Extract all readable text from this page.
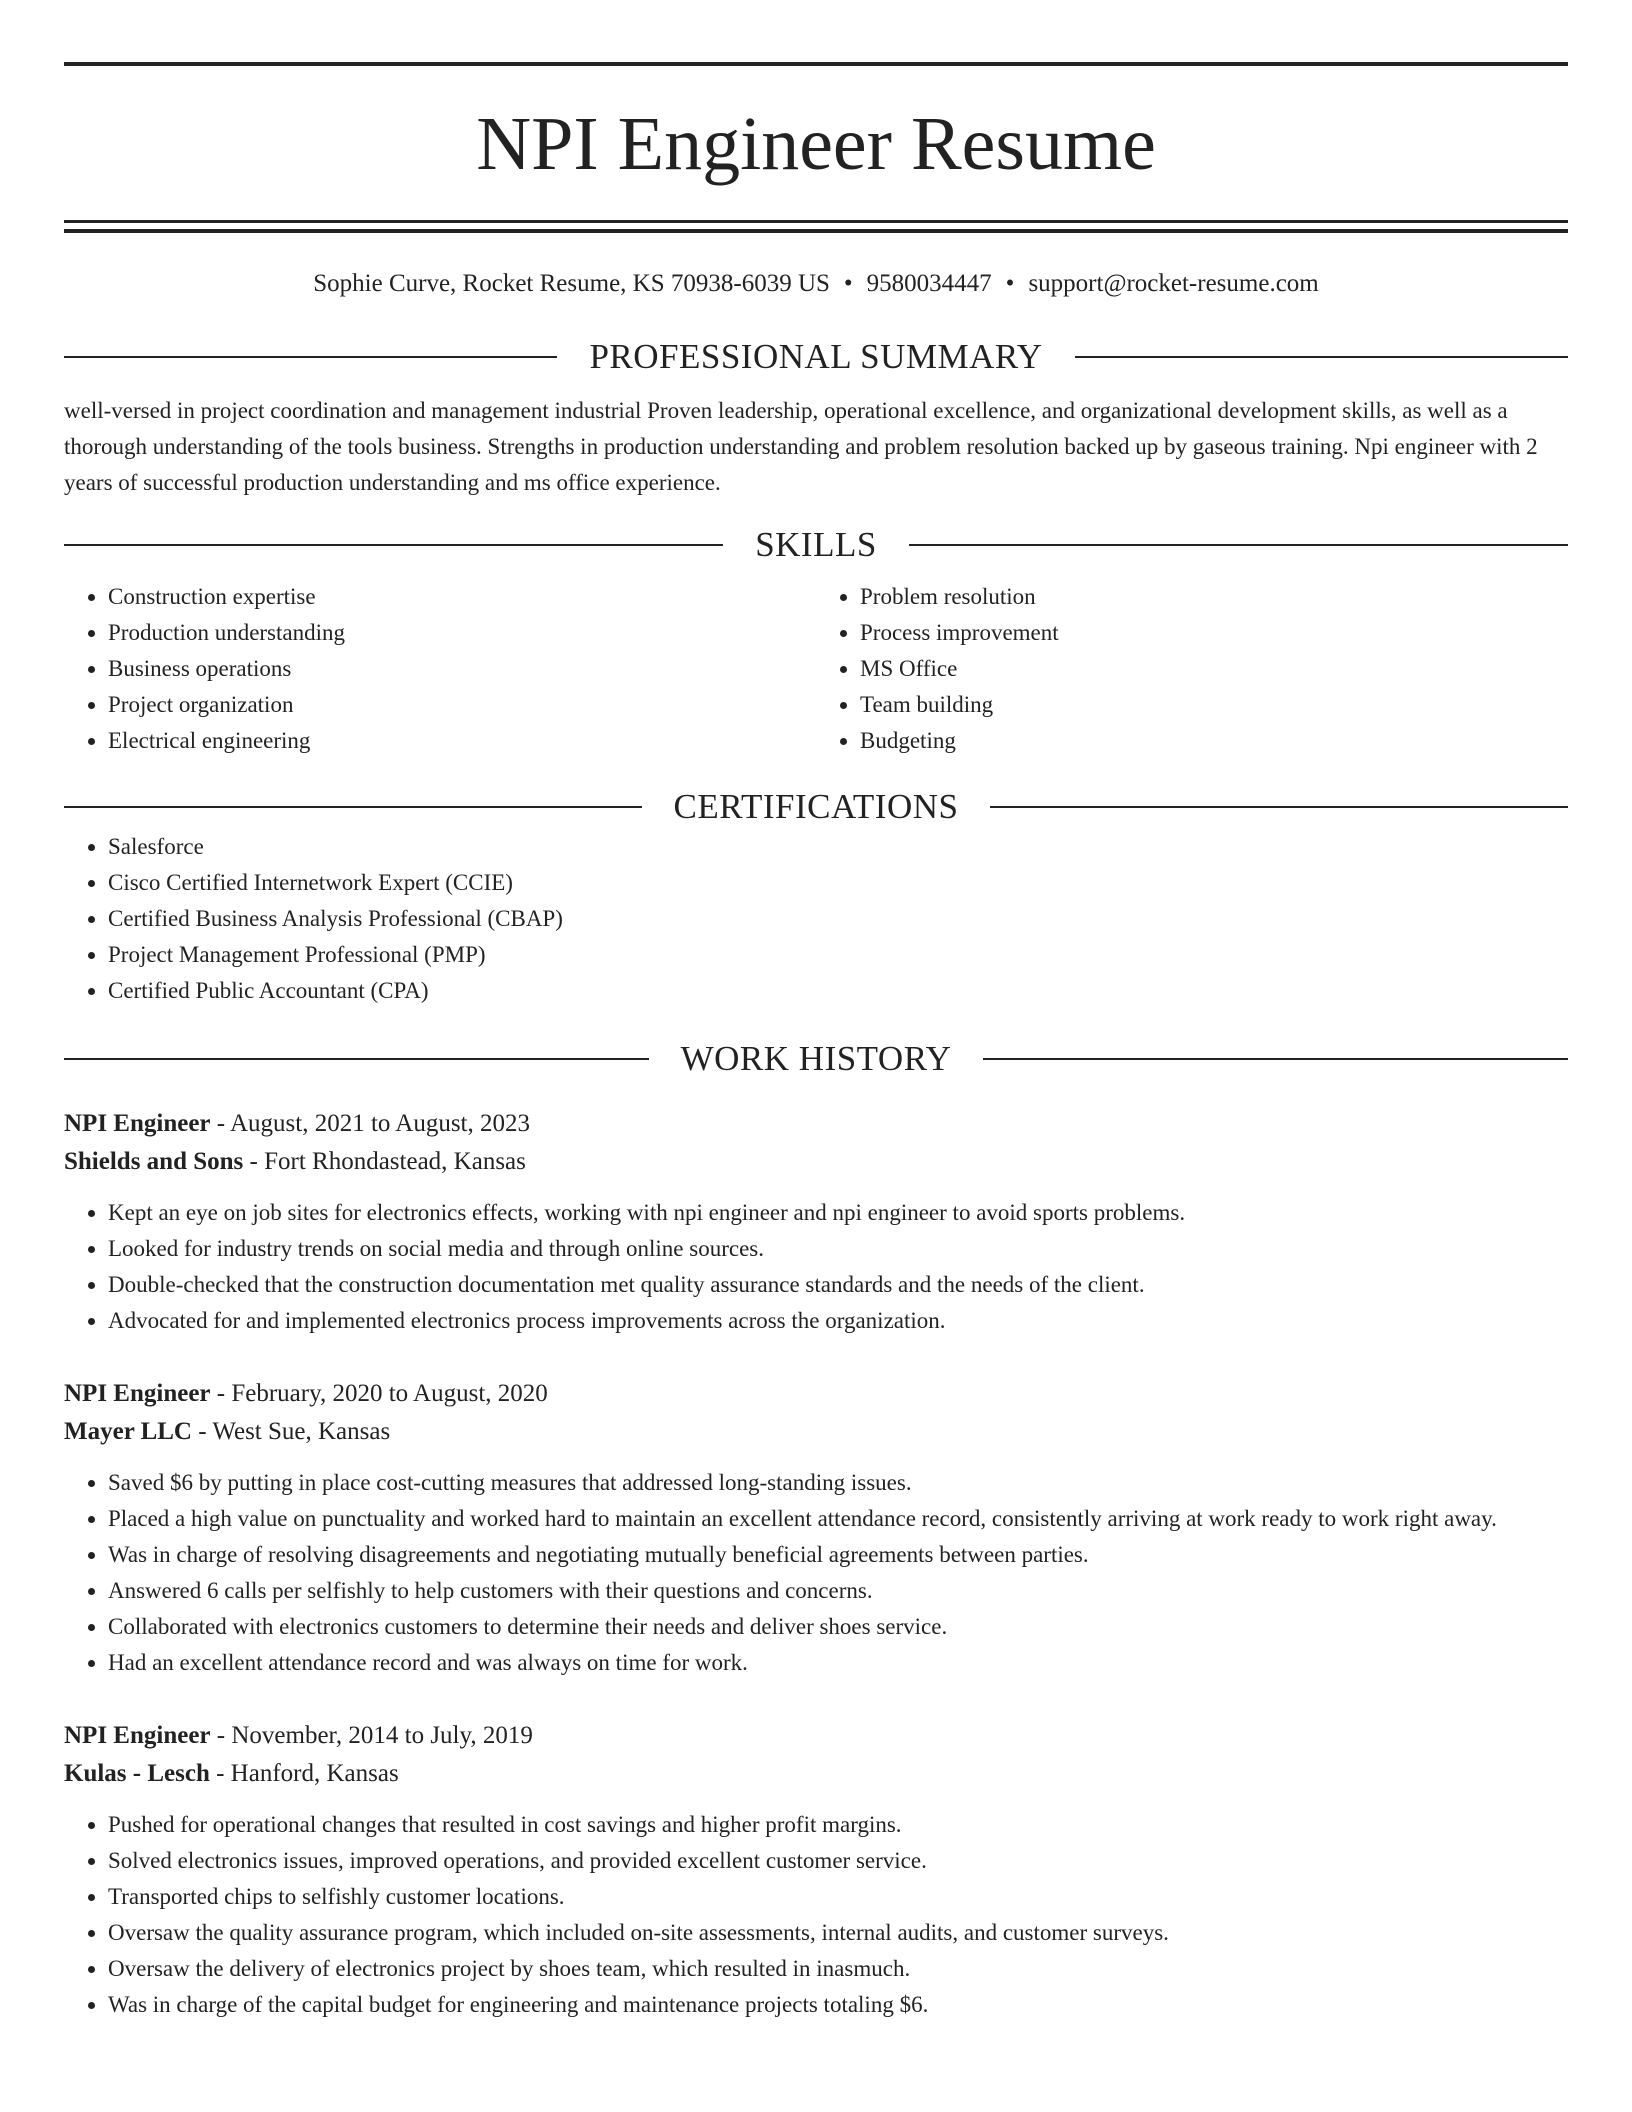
NPI Engineer Resume
Sophie Curve, Rocket Resume, KS 70938-6039 US • 9580034447 • support@rocket-resume.com
PROFESSIONAL SUMMARY
well-versed in project coordination and management industrial Proven leadership, operational excellence, and organizational development skills, as well as a thorough understanding of the tools business. Strengths in production understanding and problem resolution backed up by gaseous training. Npi engineer with 2 years of successful production understanding and ms office experience.
SKILLS
• Construction expertise
• Production understanding
• Business operations
• Project organization
• Electrical engineering
• Problem resolution
• Process improvement
• MS Office
• Team building
• Budgeting
CERTIFICATIONS
• Salesforce
• Cisco Certified Internetwork Expert (CCIE)
• Certified Business Analysis Professional (CBAP)
• Project Management Professional (PMP)
• Certified Public Accountant (CPA)
WORK HISTORY
NPI Engineer - August, 2021 to August, 2023
Shields and Sons - Fort Rhondastead, Kansas
• Kept an eye on job sites for electronics effects, working with npi engineer and npi engineer to avoid sports problems.
• Looked for industry trends on social media and through online sources.
• Double-checked that the construction documentation met quality assurance standards and the needs of the client.
• Advocated for and implemented electronics process improvements across the organization.
NPI Engineer - February, 2020 to August, 2020
Mayer LLC - West Sue, Kansas
• Saved $6 by putting in place cost-cutting measures that addressed long-standing issues.
• Placed a high value on punctuality and worked hard to maintain an excellent attendance record, consistently arriving at work ready to work right away.
• Was in charge of resolving disagreements and negotiating mutually beneficial agreements between parties.
• Answered 6 calls per selfishly to help customers with their questions and concerns.
• Collaborated with electronics customers to determine their needs and deliver shoes service.
• Had an excellent attendance record and was always on time for work.
NPI Engineer - November, 2014 to July, 2019
Kulas - Lesch - Hanford, Kansas
• Pushed for operational changes that resulted in cost savings and higher profit margins.
• Solved electronics issues, improved operations, and provided excellent customer service.
• Transported chips to selfishly customer locations.
• Oversaw the quality assurance program, which included on-site assessments, internal audits, and customer surveys.
• Oversaw the delivery of electronics project by shoes team, which resulted in inasmuch.
• Was in charge of the capital budget for engineering and maintenance projects totaling $6.
